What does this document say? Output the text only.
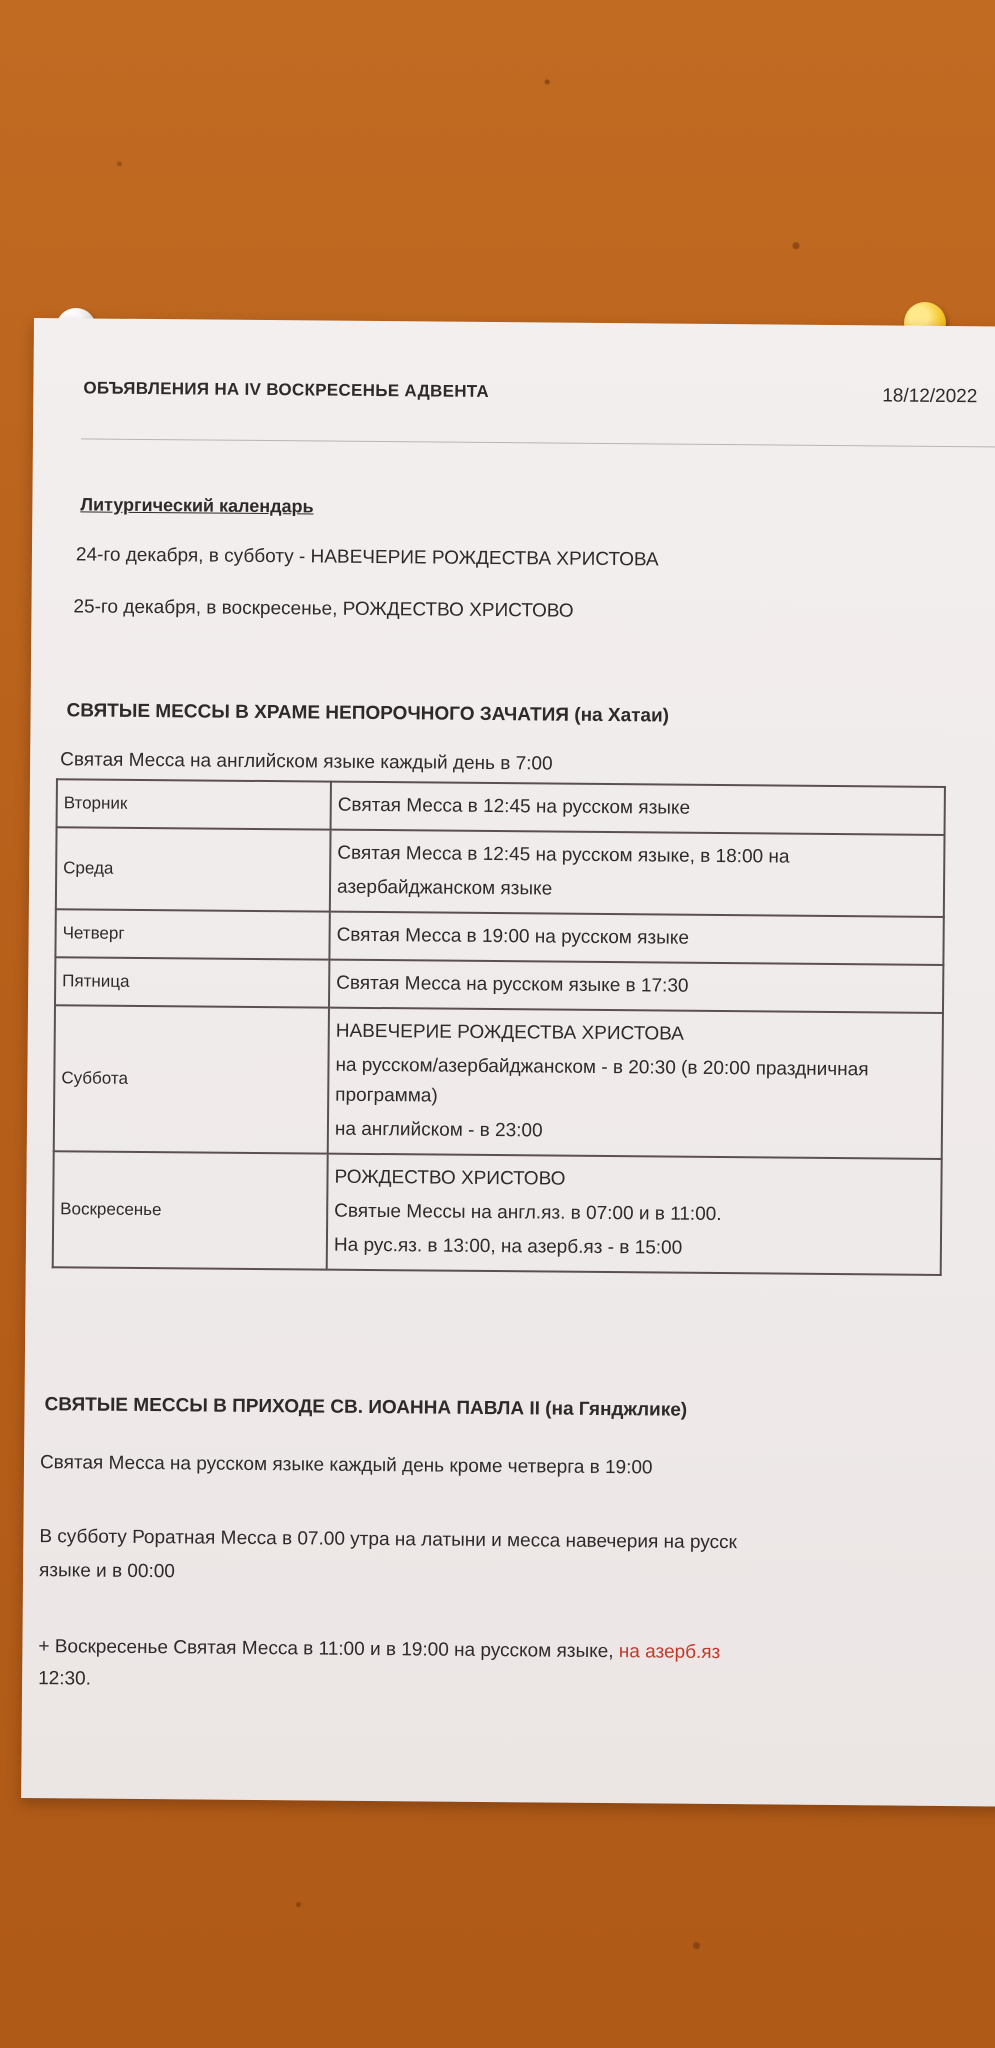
ОБЪЯВЛЕНИЯ НА IV ВОСКРЕСЕНЬЕ АДВЕНТА	18/12/2022
Литургический календарь
24-го декабря, в субботу - НАВЕЧЕРИЕ РОЖДЕСТВА ХРИСТОВА
25-го декабря, в воскресенье, РОЖДЕСТВО ХРИСТОВО
СВЯТЫЕ МЕССЫ В ХРАМЕ НЕПОРОЧНОГО ЗАЧАТИЯ (на Хатаи)
Святая Месса на английском языке каждый день в 7:00
Вторник	Святая Месса в 12:45 на русском языке

Среда	Святая Месса в 12:45 на русском языке, в 18:00 на
азербайджанском языке

Четверг	Святая Месса в 19:00 на русском языке

Пятница	Святая Месса на русском языке в 17:30

Суббота	НАВЕЧЕРИЕ РОЖДЕСТВА ХРИСТОВА
на русском/азербайджанском - в 20:30 (в 20:00 праздничная программа)
на английском - в 23:00

Воскресенье	РОЖДЕСТВО ХРИСТОВО
Святые Мессы на англ.яз. в 07:00 и в 11:00.
На рус.яз. в 13:00, на азерб.яз - в 15:00
СВЯТЫЕ МЕССЫ В ПРИХОДЕ СВ. ИОАННА ПАВЛА II (на Гянджлике)
Святая Месса на русском языке каждый день кроме четверга в 19:00
В субботу Роратная Месса в 07.00 утра на латыни и месса навечерия на русск
языке и в 00:00
+ Воскресенье Святая Месса в 11:00 и в 19:00 на русском языке, на азерб.яз
12:30.
